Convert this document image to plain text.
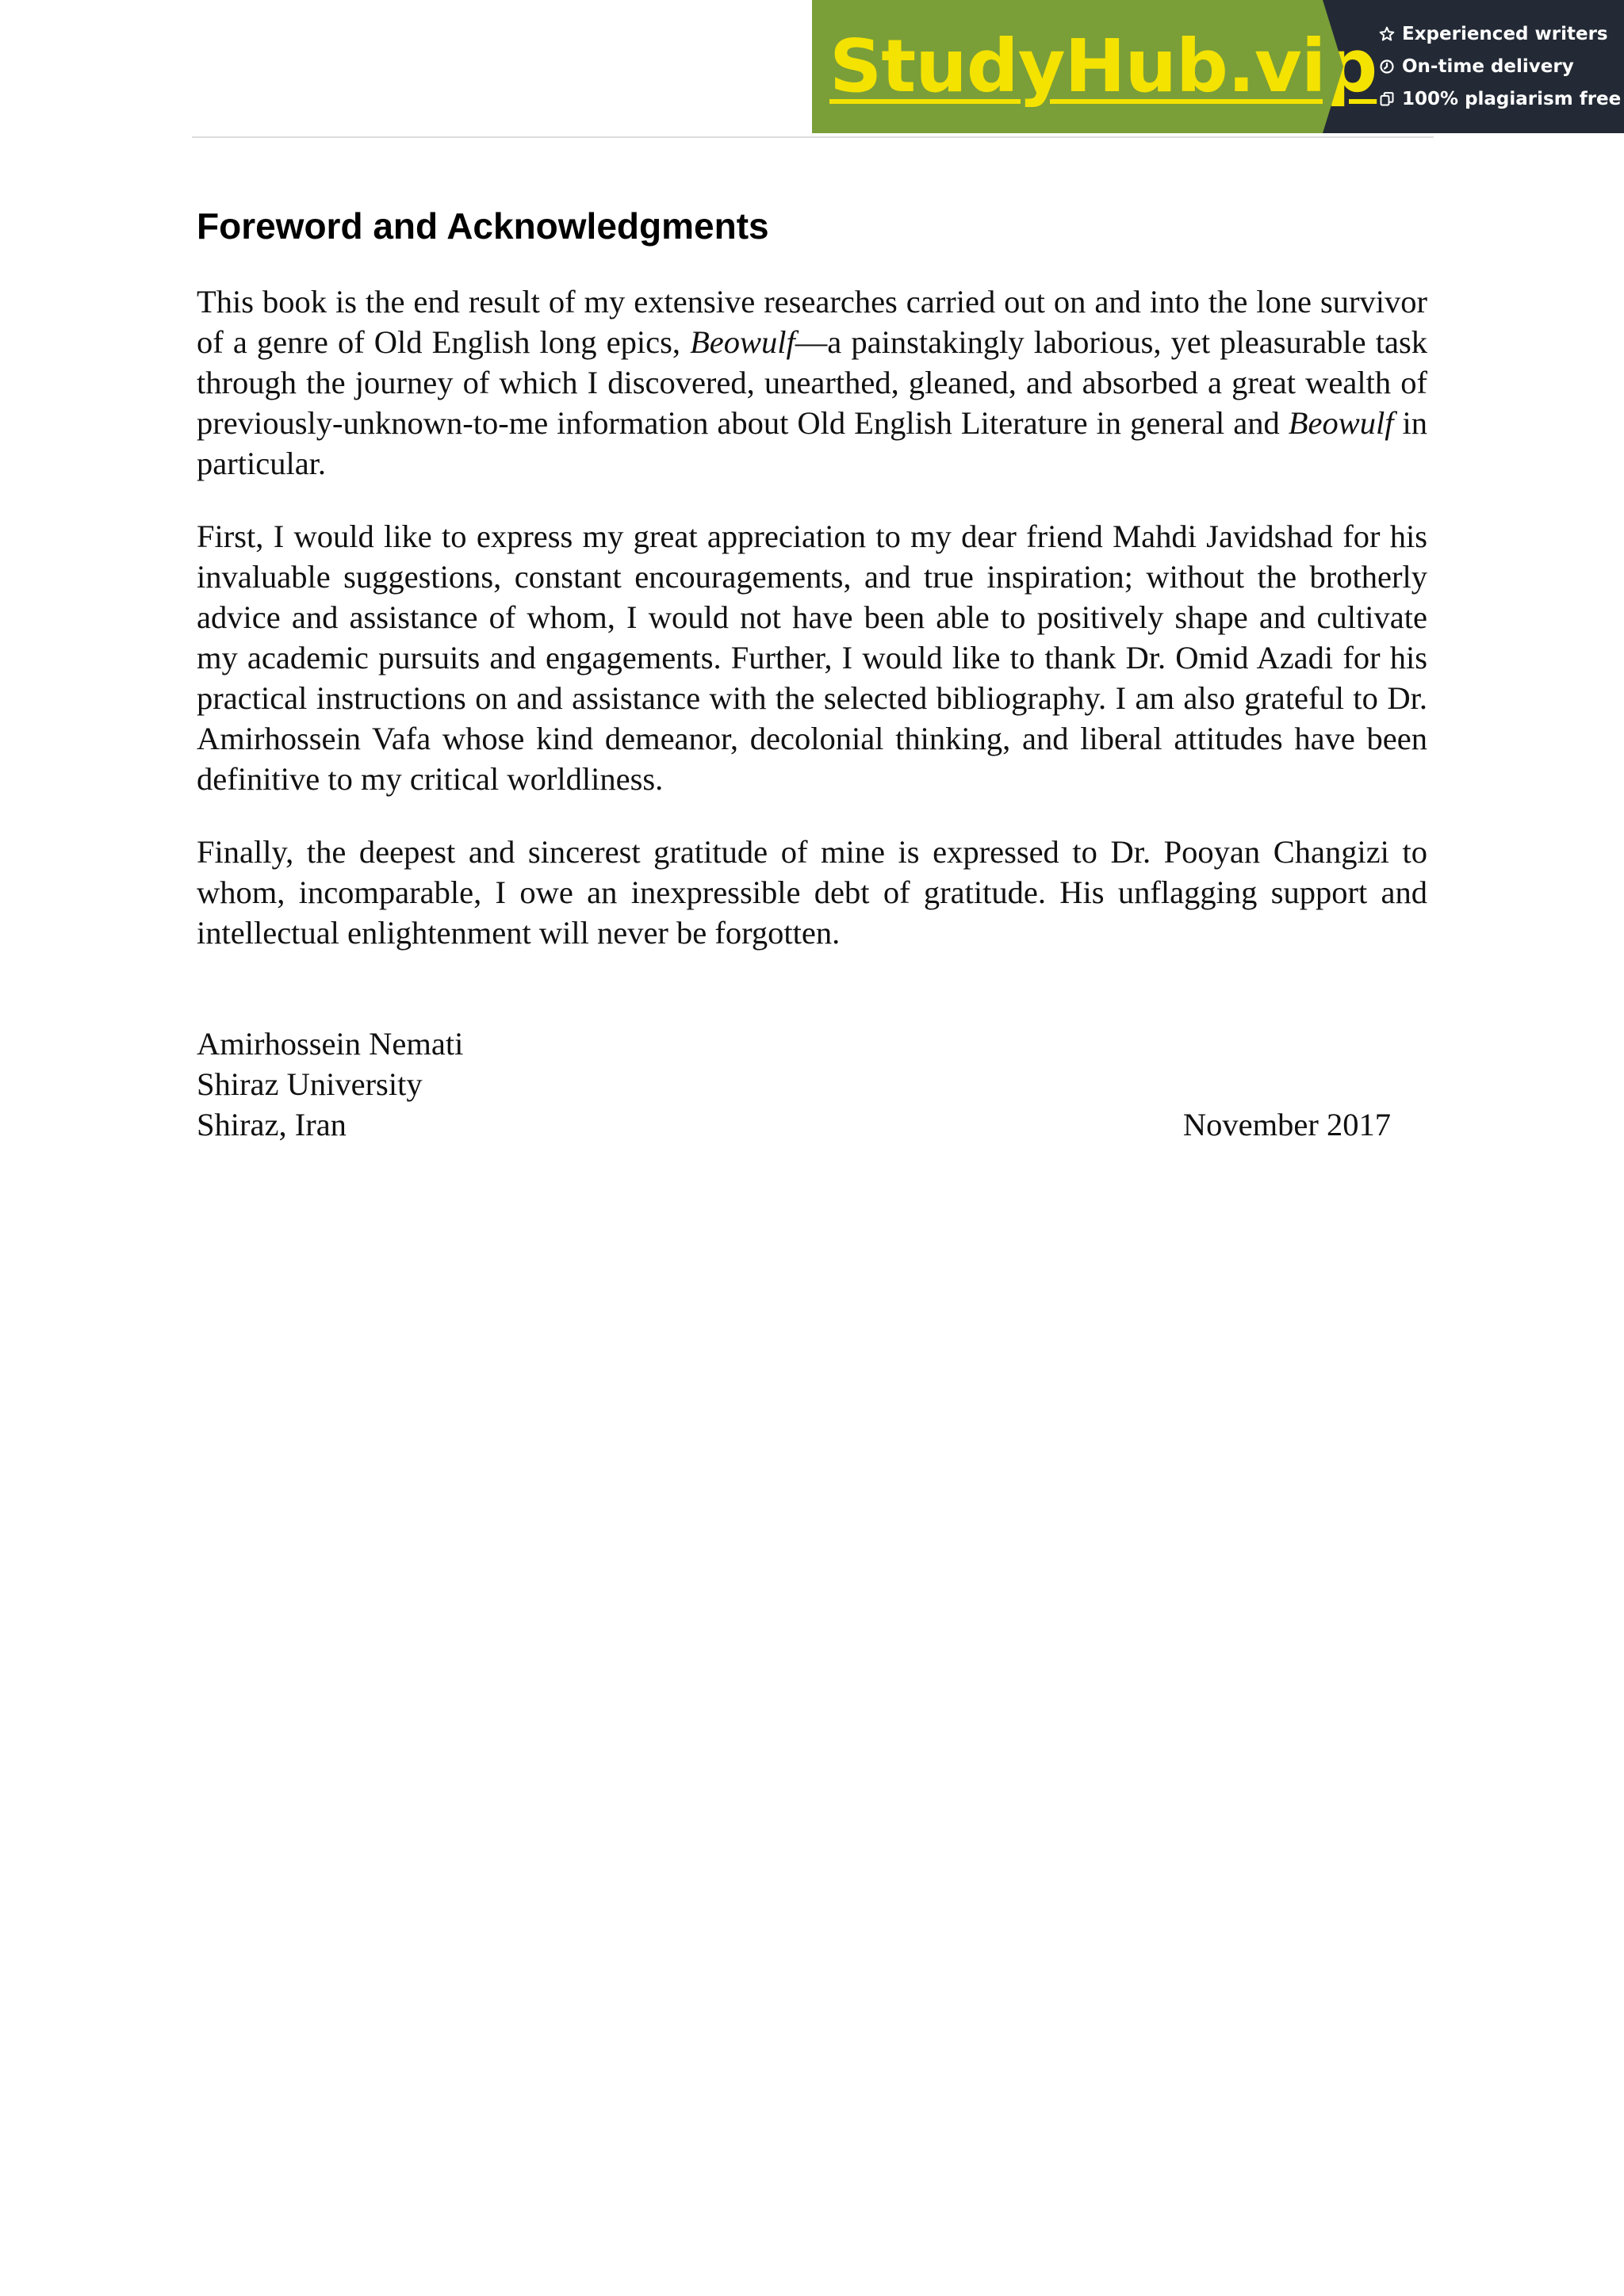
StudyHub.vip Experienced writers
On-time delivery
100% plagiarism free
Foreword and Acknowledgments

This book is the end result of my extensive researches carried out on and into the lone survivor of a genre of Old English long epics, Beowulf—a painstakingly laborious, yet pleasurable task through the journey of which I discovered, unearthed, gleaned, and absorbed a great wealth of previously-unknown-to-me information about Old English Literature in general and Beowulf in particular.

First, I would like to express my great appreciation to my dear friend Mahdi Javidshad for his invaluable suggestions, constant encouragements, and true inspiration; without the brotherly advice and assistance of whom, I would not have been able to positively shape and cultivate my academic pursuits and engagements. Further, I would like to thank Dr. Omid Azadi for his practical instructions on and assistance with the selected bibliography. I am also grateful to Dr. Amirhossein Vafa whose kind demeanor, decolonial thinking, and liberal attitudes have been definitive to my critical worldliness.

Finally, the deepest and sincerest gratitude of mine is expressed to Dr. Pooyan Changizi to whom, incomparable, I owe an inexpressible debt of gratitude. His unflagging support and intellectual enlightenment will never be forgotten.

Amirhossein Nemati
Shiraz University
Shiraz, Iran	November 2017
